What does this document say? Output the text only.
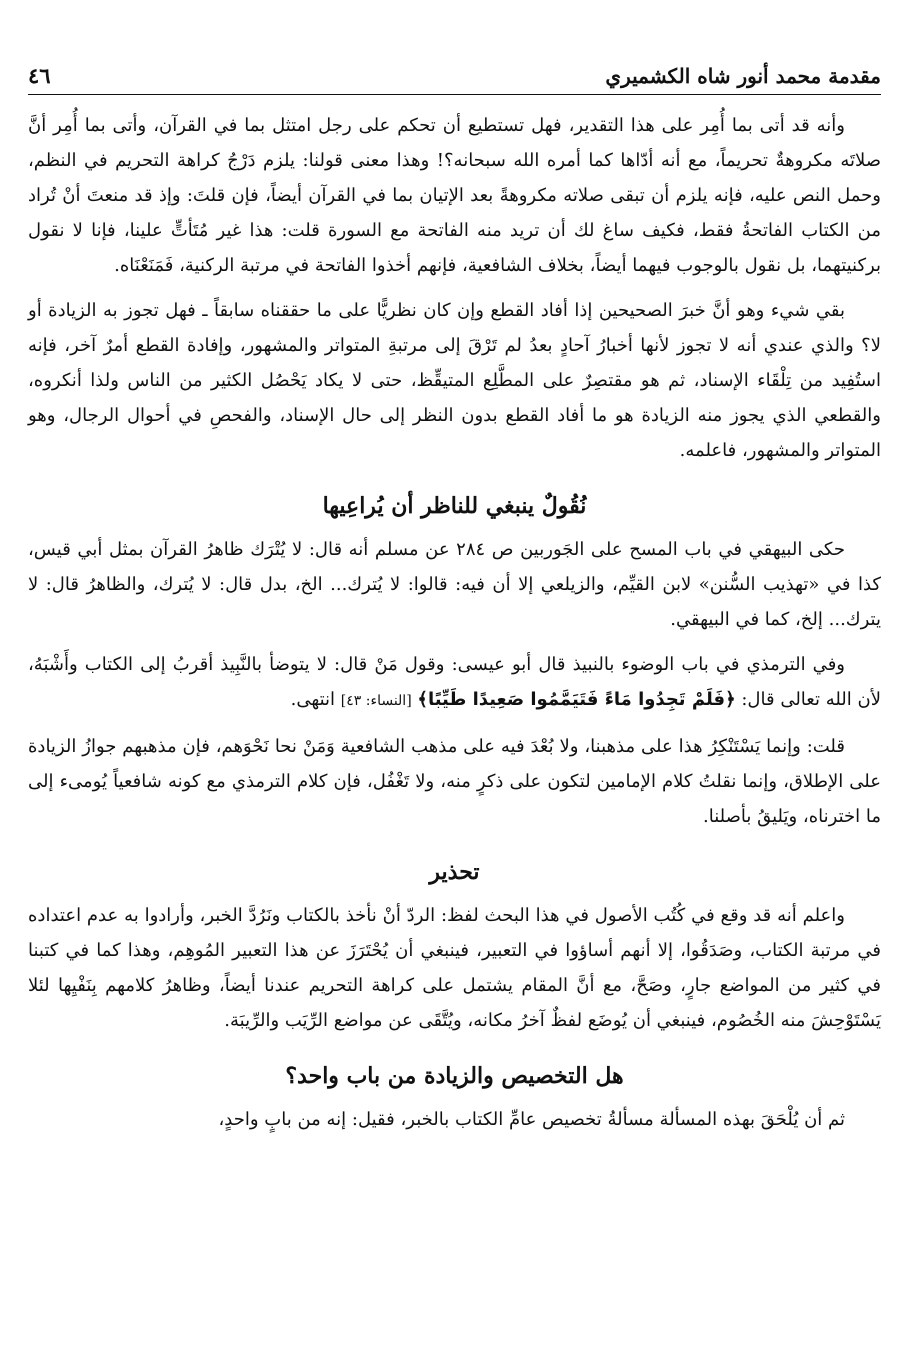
مقدمة محمد أنور شاه الكشميري
٤٦

وأنه قد أتى بما أُمِر على هذا التقدير، فهل تستطيع أن تحكم على رجل امتثل بما في القرآن، وأتى بما أُمِر أنَّ صلاتَه مكروهةٌ تحريماً، مع أنه أدّاها كما أمره الله سبحانه؟! وهذا معنى قولنا: يلزم دَرْجُ كراهة التحريم في النظم، وحمل النص عليه، فإنه يلزم أن تبقى صلاته مكروهةً بعد الإتيان بما في القرآن أيضاً، فإن قلتَ: وإذ قد منعتَ أنْ تُراد من الكتاب الفاتحةُ فقط، فكيف ساغ لك أن تريد منه الفاتحة مع السورة قلت: هذا غير مُتَأتٍّ علينا، فإنا لا نقول بركنيتهما، بل نقول بالوجوب فيهما أيضاً، بخلاف الشافعية، فإنهم أخذوا الفاتحة في مرتبة الركنية، فَمَنَعْنَاه.

بقي شيء وهو أنَّ خبرَ الصحيحين إذا أفاد القطع وإن كان نظريًّا على ما حققناه سابقاً ـ فهل تجوز به الزيادة أو لا؟ والذي عندي أنه لا تجوز لأنها أخبارُ آحادٍ بعدُ لم تَرْقَ إلى مرتبةِ المتواتر والمشهور، وإفادة القطع أمرٌ آخر، فإنه استُفِيد من تِلْقَاء الإسناد، ثم هو مقتصِرٌ على المطَّلِع المتيقِّظ، حتى لا يكاد يَحْصُل الكثير من الناس ولذا أنكروه، والقطعي الذي يجوز منه الزيادة هو ما أفاد القطع بدون النظر إلى حال الإسناد، والفحصِ في أحوال الرجال، وهو المتواتر والمشهور، فاعلمه.

نُقُولٌ ينبغي للناظر أن يُراعِيها

حكى البيهقي في باب المسح على الجَوربين ص ٢٨٤ عن مسلم أنه قال: لا يُتْرَك ظاهرُ القرآن بمثل أبي قيس، كذا في «تهذيب السُّنن» لابن القيِّم، والزيلعي إلا أن فيه: قالوا: لا يُترك... الخ، بدل قال: لا يُترك، والظاهرُ قال: لا يترك... إلخ، كما في البيهقي.

وفي الترمذي في باب الوضوء بالنبيذ قال أبو عيسى: وقول مَنْ قال: لا يتوضأ بالنَّبِيذ أقربُ إلى الكتاب وأَشْبَهُ، لأن الله تعالى قال: ﴿فَلَمْ تَجِدُوا مَاءً فَتَيَمَّمُوا صَعِيدًا طَيِّبًا﴾ [النساء: ٤٣] انتهى.

قلت: وإنما يَسْتَنْكِرُ هذا على مذهبنا، ولا بُعْدَ فيه على مذهب الشافعية وَمَنْ نحا نَحْوَهم، فإن مذهبهم جوازُ الزيادة على الإطلاق، وإنما نقلتُ كلام الإمامين لتكون على ذكرٍ منه، ولا تَغْفُل، فإن كلام الترمذي مع كونه شافعياً يُومىء إلى ما اخترناه، ويَليقُ بأصلنا.

تحذير

واعلم أنه قد وقع في كُتُب الأصول في هذا البحث لفظ: الردّ أنْ نأخذ بالكتاب ونَرُدَّ الخبر، وأرادوا به عدم اعتداده في مرتبة الكتاب، وصَدَقُوا، إلا أنهم أساؤوا في التعبير، فينبغي أن يُحْتَرَزَ عن هذا التعبير المُوهِم، وهذا كما في كتبنا في كثير من المواضع جارٍ، وصَحَّ، مع أنَّ المقام يشتمل على كراهة التحريم عندنا أيضاً، وظاهرُ كلامهم بِنَفْيِها لئلا يَسْتَوْحِشَ منه الخُصُوم، فينبغي أن يُوضَع لفظٌ آخرُ مكانه، ويُتَّقَى عن مواضع الرِّيَب والرِّيبَة.

هل التخصيص والزيادة من باب واحد؟

ثم أن يُلْحَقَ بهذه المسألة مسألةُ تخصيص عامِّ الكتاب بالخبر، فقيل: إنه من بابٍ واحدٍ،
